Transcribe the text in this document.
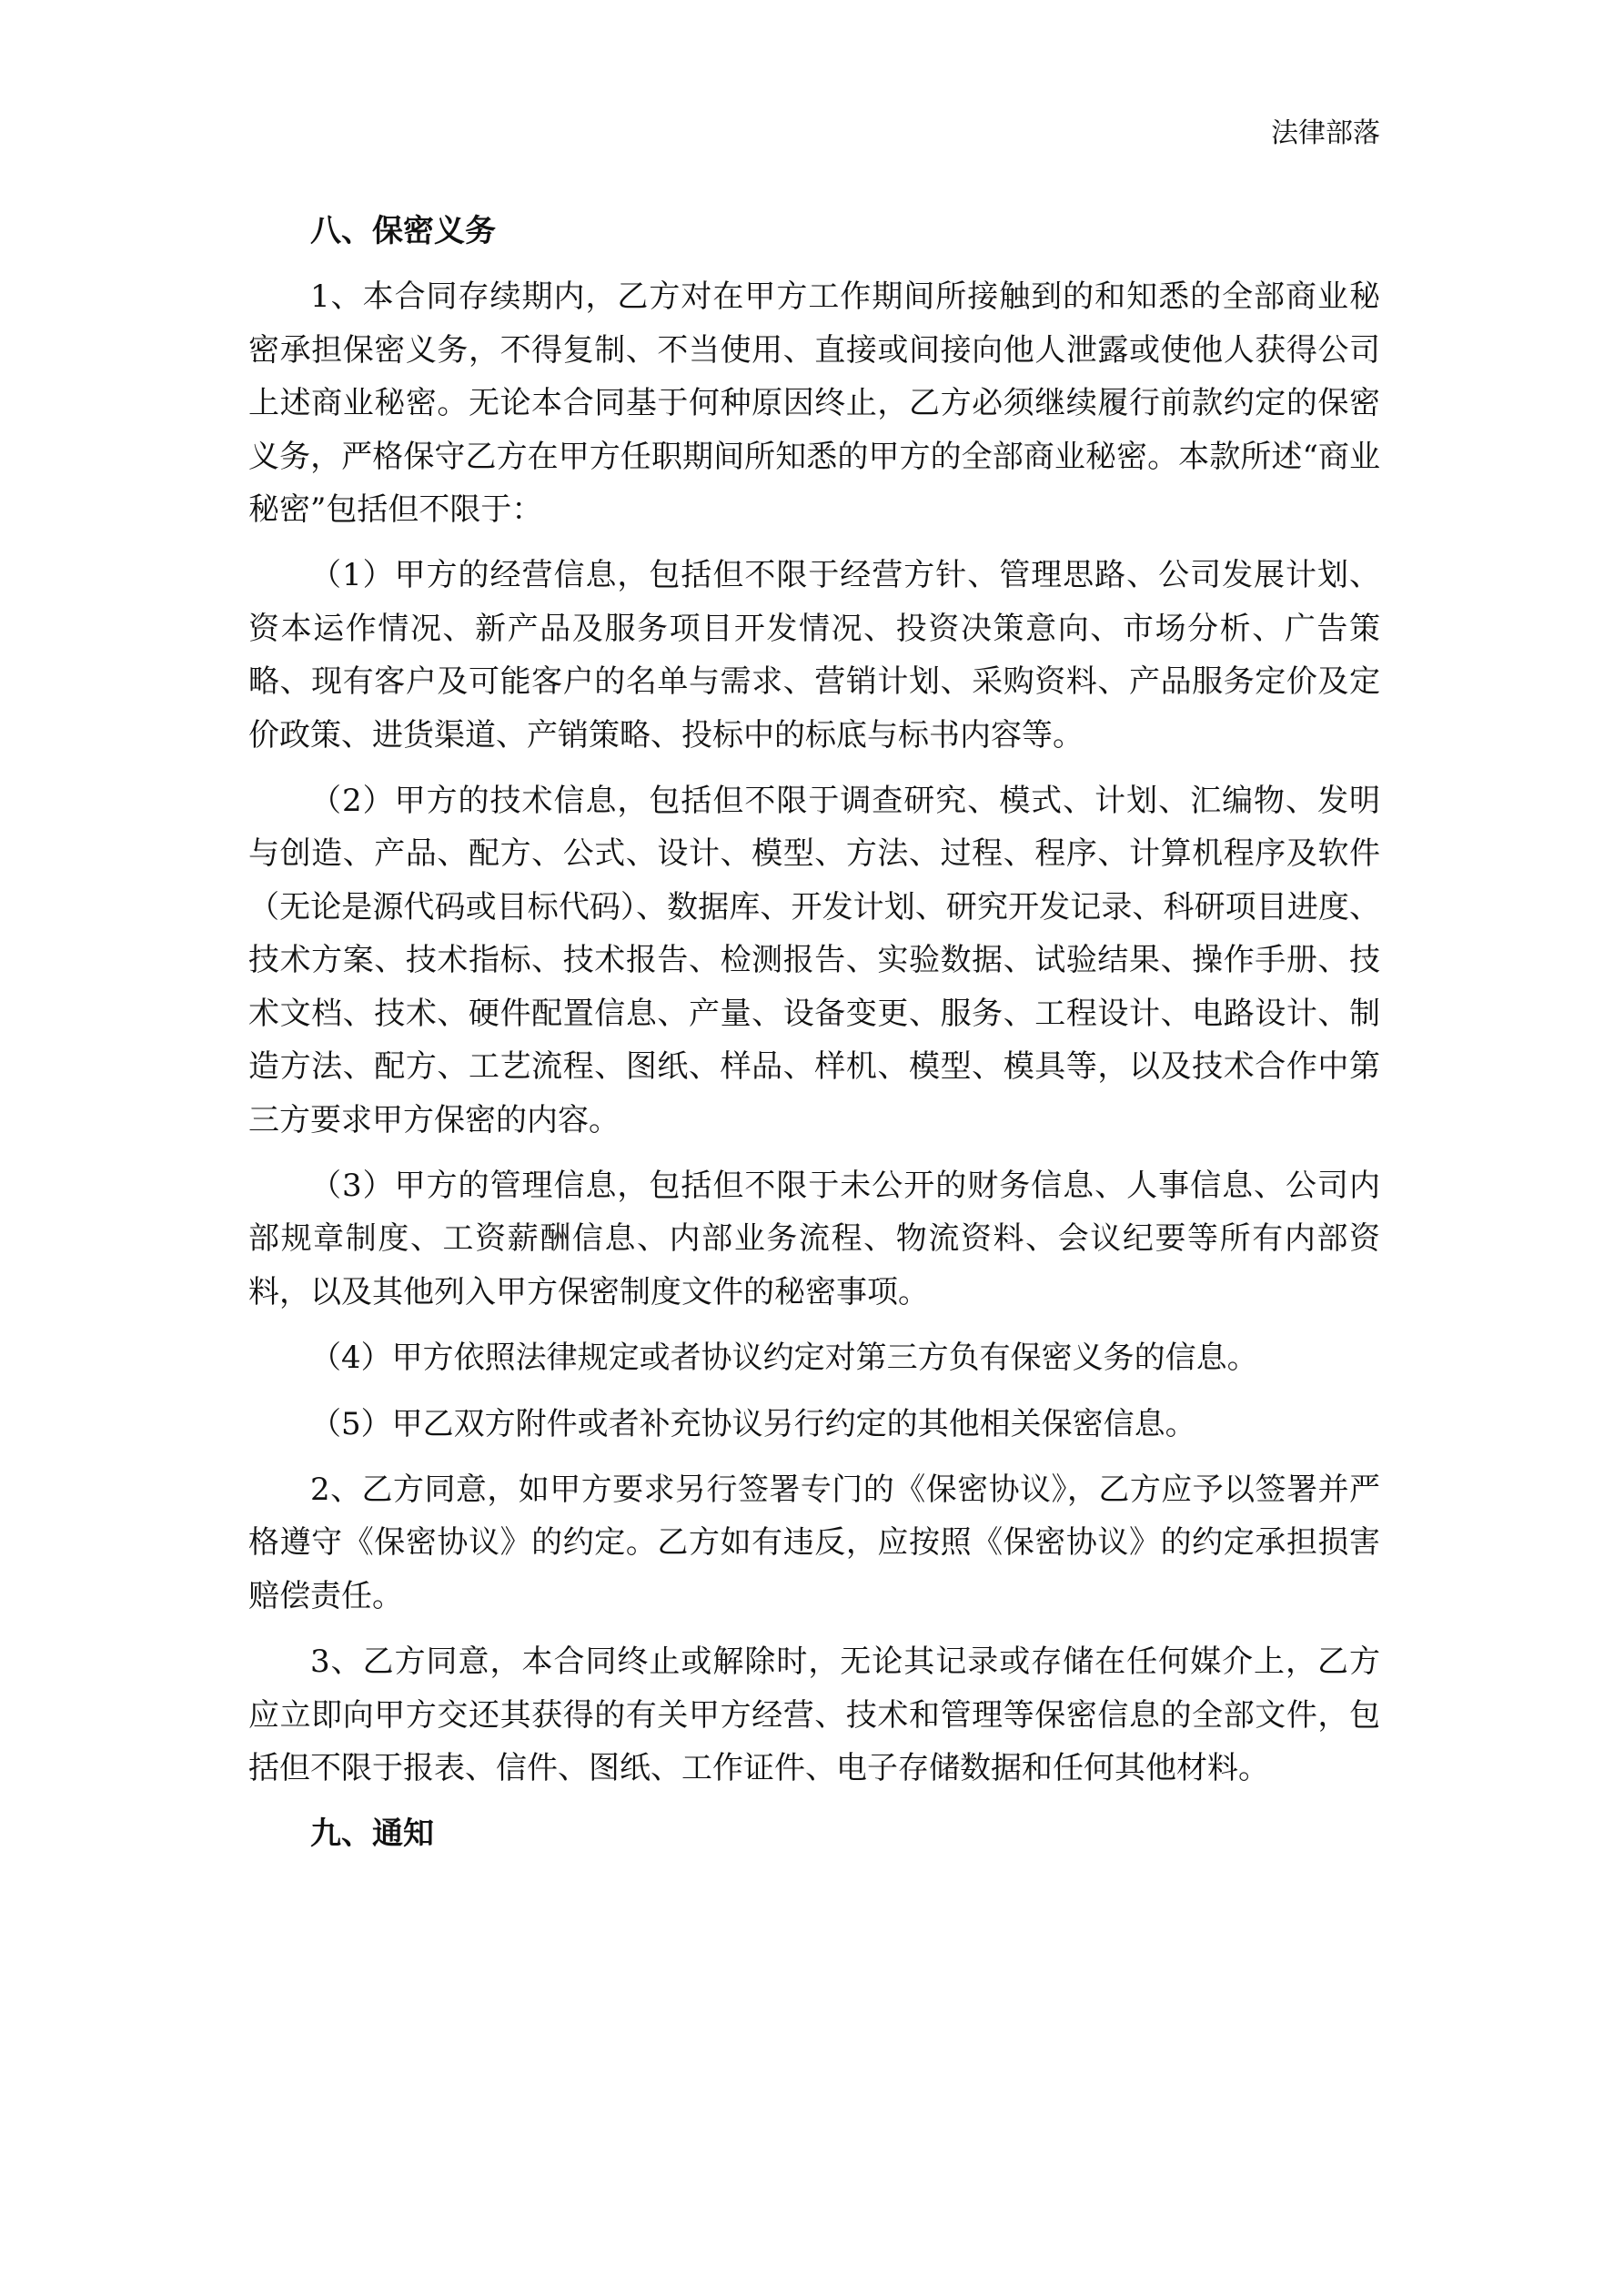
法律部落

八、保密义务

1、本合同存续期内，乙方对在甲方工作期间所接触到的和知悉的全部商业秘密承担保密义务，不得复制、不当使用、直接或间接向他人泄露或使他人获得公司上述商业秘密。无论本合同基于何种原因终止，乙方必须继续履行前款约定的保密义务，严格保守乙方在甲方任职期间所知悉的甲方的全部商业秘密。本款所述“商业秘密”包括但不限于：

（1）甲方的经营信息，包括但不限于经营方针、管理思路、公司发展计划、资本运作情况、新产品及服务项目开发情况、投资决策意向、市场分析、广告策略、现有客户及可能客户的名单与需求、营销计划、采购资料、产品服务定价及定价政策、进货渠道、产销策略、投标中的标底与标书内容等。

（2）甲方的技术信息，包括但不限于调查研究、模式、计划、汇编物、发明与创造、产品、配方、公式、设计、模型、方法、过程、程序、计算机程序及软件（无论是源代码或目标代码）、数据库、开发计划、研究开发记录、科研项目进度、技术方案、技术指标、技术报告、检测报告、实验数据、试验结果、操作手册、技术文档、技术、硬件配置信息、产量、设备变更、服务、工程设计、电路设计、制造方法、配方、工艺流程、图纸、样品、样机、模型、模具等，以及技术合作中第三方要求甲方保密的内容。

（3）甲方的管理信息，包括但不限于未公开的财务信息、人事信息、公司内部规章制度、工资薪酬信息、内部业务流程、物流资料、会议纪要等所有内部资料，以及其他列入甲方保密制度文件的秘密事项。

（4）甲方依照法律规定或者协议约定对第三方负有保密义务的信息。

（5）甲乙双方附件或者补充协议另行约定的其他相关保密信息。

2、乙方同意，如甲方要求另行签署专门的《保密协议》，乙方应予以签署并严格遵守《保密协议》的约定。乙方如有违反，应按照《保密协议》的约定承担损害赔偿责任。

3、乙方同意，本合同终止或解除时，无论其记录或存储在任何媒介上，乙方应立即向甲方交还其获得的有关甲方经营、技术和管理等保密信息的全部文件，包括但不限于报表、信件、图纸、工作证件、电子存储数据和任何其他材料。

九、通知
